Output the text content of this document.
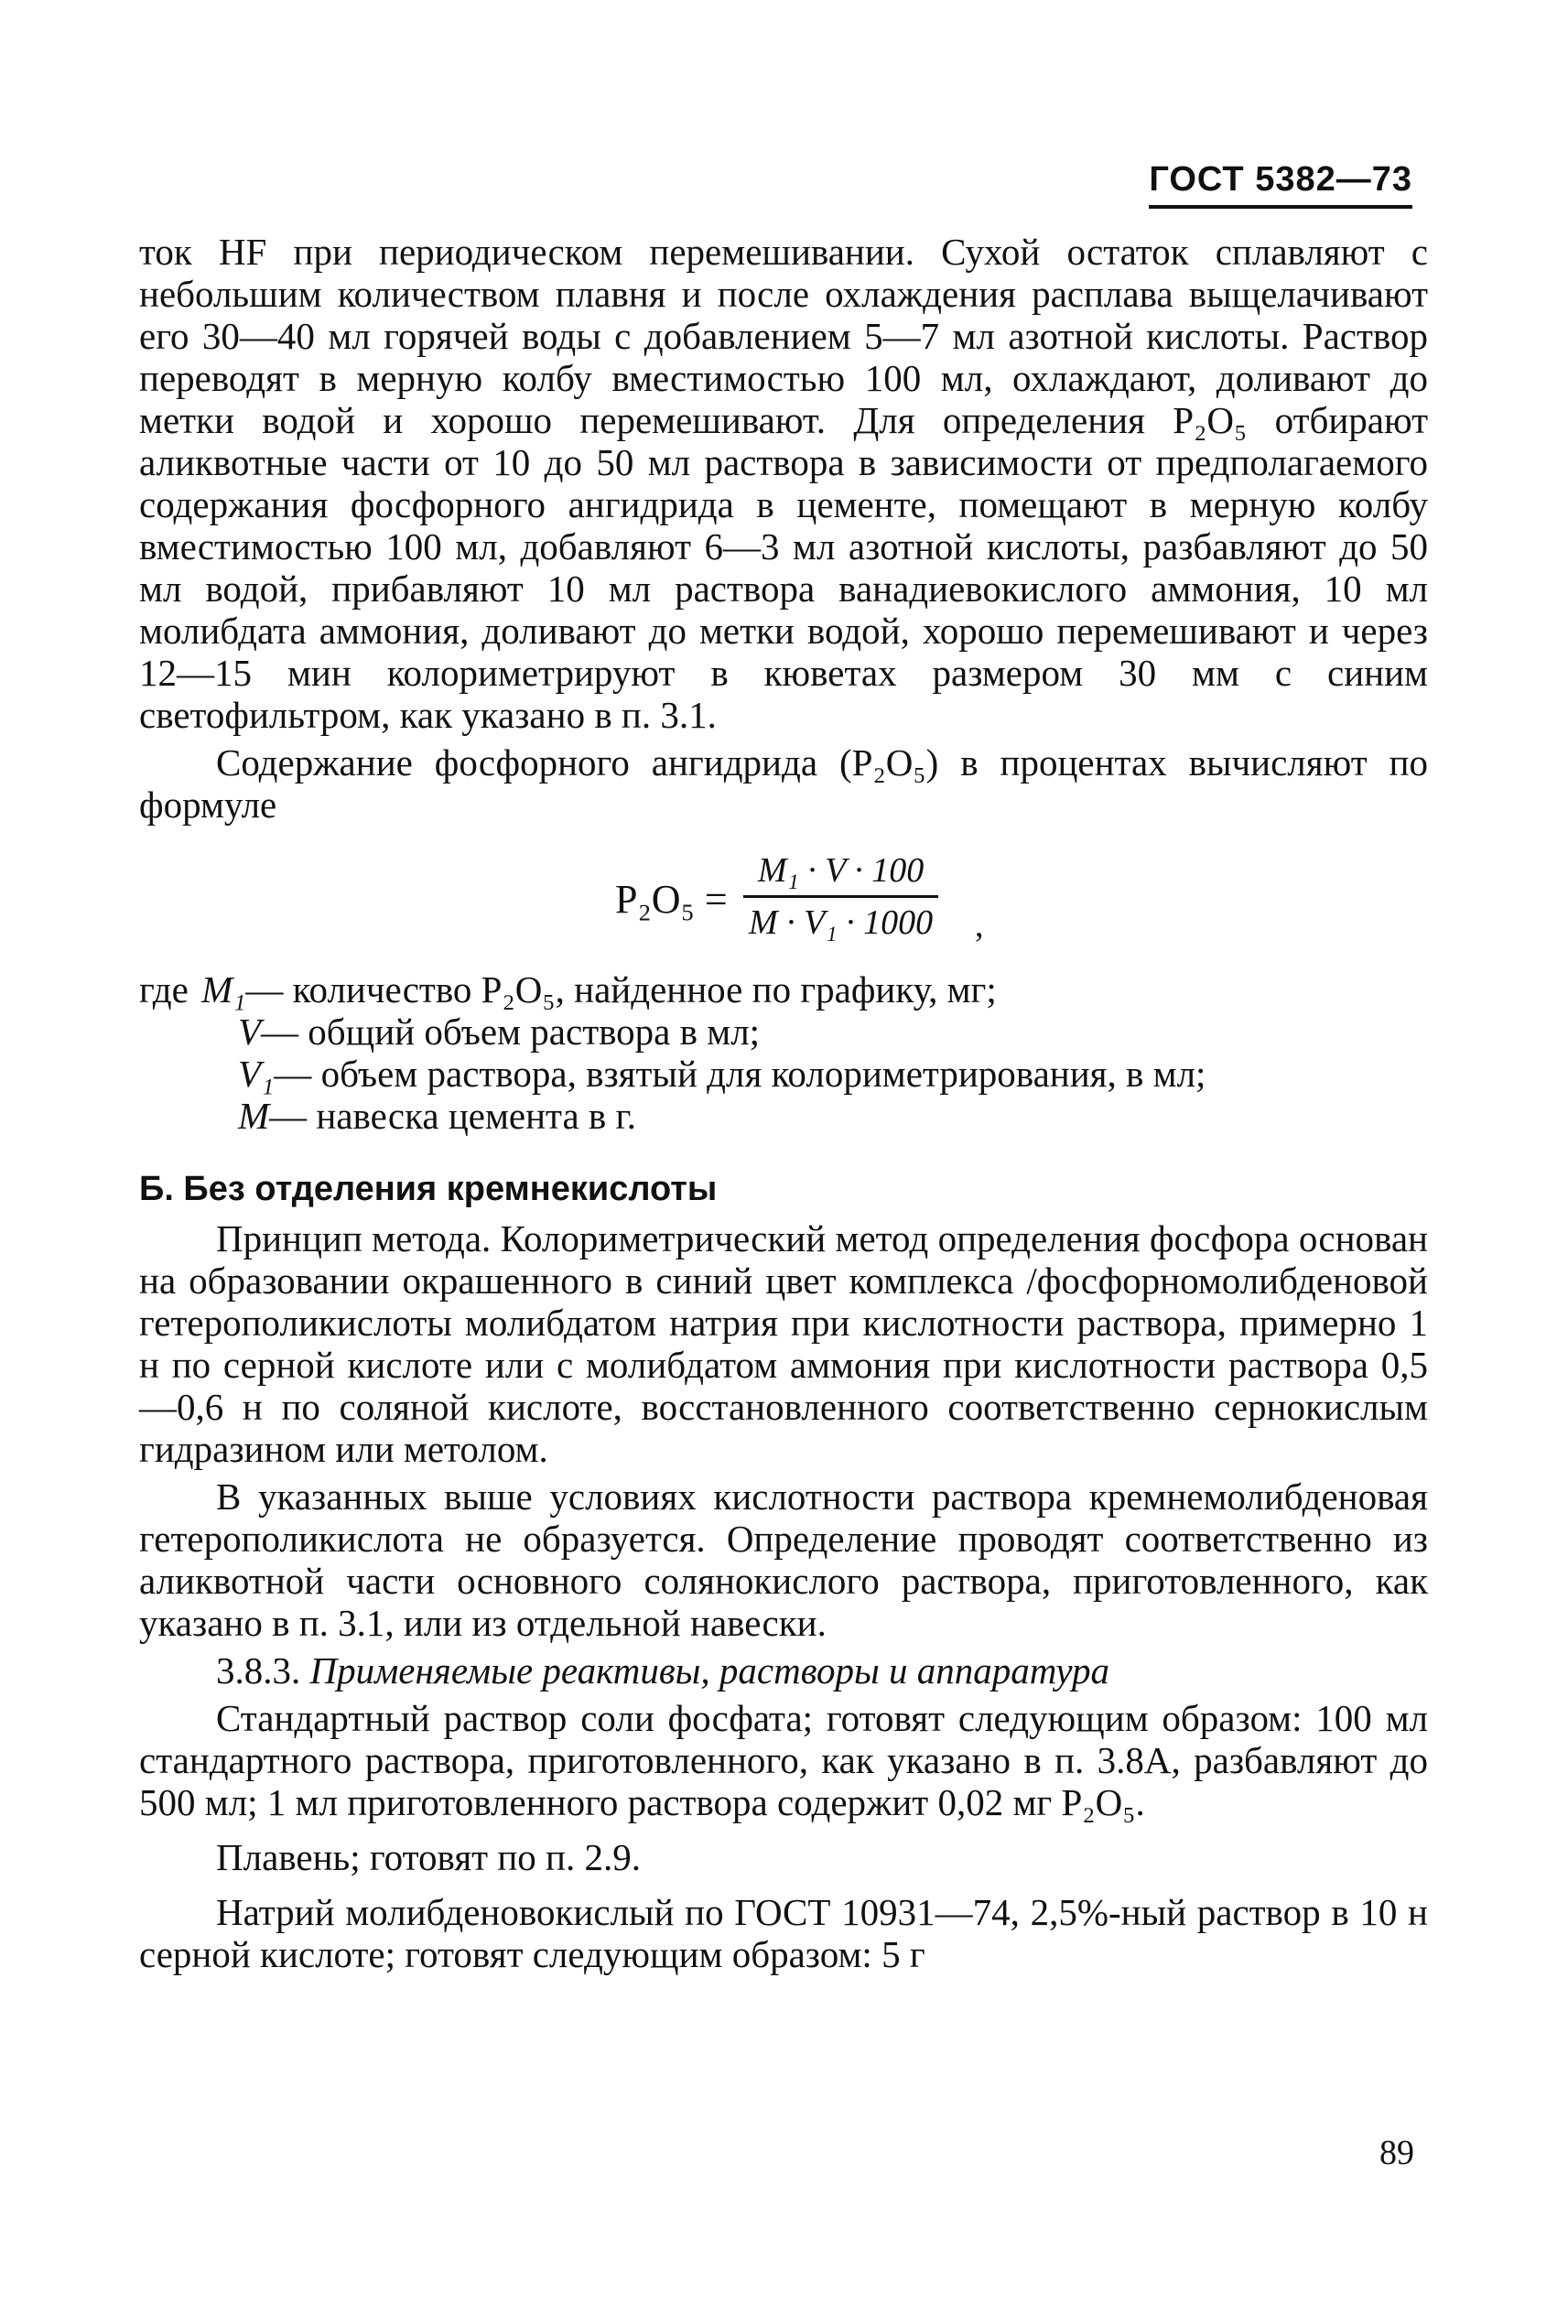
ГОСТ 5382—73

ток HF при периодическом перемешивании. Сухой остаток сплавляют с небольшим количеством плавня и после охлаждения расплава выщелачивают его 30—40 мл горячей воды с добавлением 5—7 мл азотной кислоты. Раствор переводят в мерную колбу вместимостью 100 мл, охлаждают, доливают до метки водой и хорошо перемешивают. Для определения P₂O₅ отбирают аликвотные части от 10 до 50 мл раствора в зависимости от предполагаемого содержания фосфорного ангидрида в цементе, помещают в мерную колбу вместимостью 100 мл, добавляют 6—3 мл азотной кислоты, разбавляют до 50 мл водой, прибавляют 10 мл раствора ванадиевокислого аммония, 10 мл молибдата аммония, доливают до метки водой, хорошо перемешивают и через 12—15 мин колориметрируют в кюветах размером 30 мм с синим светофильтром, как указано в п. 3.1.

Содержание фосфорного ангидрида (P₂O₅) в процентах вычисляют по формуле

P₂O₅ =
M₁ · V · 100
M · V₁ · 1000 ,
где M₁ — количество P₂O₅, найденное по графику, мг;
V — общий объем раствора в мл;
V₁ — объем раствора, взятый для колориметрирования, в мл;
M — навеска цемента в г.
Б. Без отделения кремнекислоты

Принцип метода. Колориметрический метод определения фосфора основан на образовании окрашенного в синий цвет комплекса /фосфорномолибденовой гетерополикислоты молибдатом натрия при кислотности раствора, примерно 1 н по серной кислоте или с молибдатом аммония при кислотности раствора 0,5—0,6 н по соляной кислоте, восстановленного соответственно сернокислым гидразином или метолом.

В указанных выше условиях кислотности раствора кремнемолибденовая гетерополикислота не образуется. Определение проводят соответственно из аликвотной части основного солянокислого раствора, приготовленного, как указано в п. 3.1, или из отдельной навески.

3.8.3. Применяемые реактивы, растворы и аппаратура

Стандартный раствор соли фосфата; готовят следующим образом: 100 мл стандартного раствора, приготовленного, как указано в п. 3.8А, разбавляют до 500 мл; 1 мл приготовленного раствора содержит 0,02 мг P₂O₅.

Плавень; готовят по п. 2.9.

Натрий молибденовокислый по ГОСТ 10931—74, 2,5%-ный раствор в 10 н серной кислоте; готовят следующим образом: 5 г

89
